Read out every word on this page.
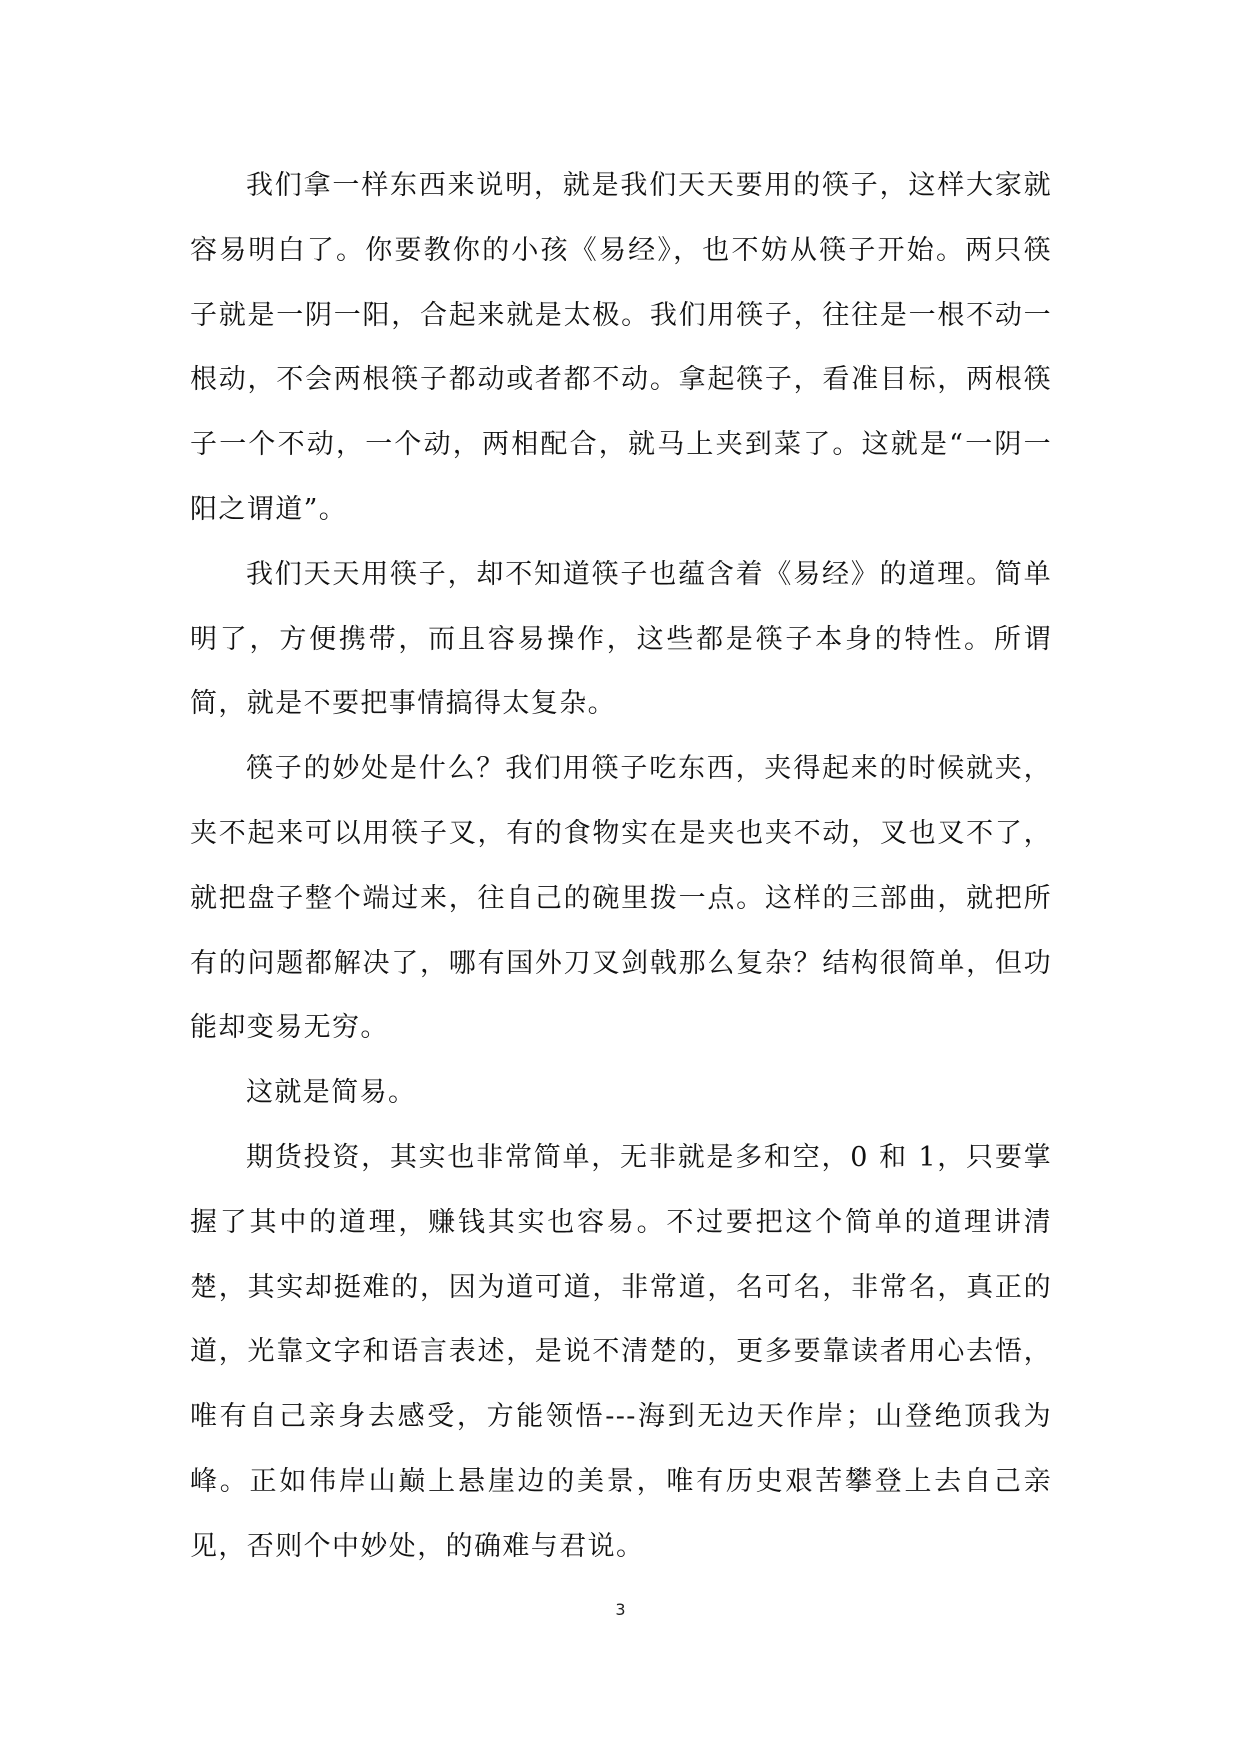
我们拿一样东西来说明，就是我们天天要用的筷子，这样大家就容易明白了。你要教你的小孩《易经》，也不妨从筷子开始。两只筷子就是一阴一阳，合起来就是太极。我们用筷子，往往是一根不动一根动，不会两根筷子都动或者都不动。拿起筷子，看准目标，两根筷子一个不动，一个动，两相配合，就马上夹到菜了。这就是“一阴一阳之谓道”。

我们天天用筷子，却不知道筷子也蕴含着《易经》的道理。简单明了，方便携带，而且容易操作，这些都是筷子本身的特性。所谓简，就是不要把事情搞得太复杂。

筷子的妙处是什么？我们用筷子吃东西，夹得起来的时候就夹，夹不起来可以用筷子叉，有的食物实在是夹也夹不动，叉也叉不了，就把盘子整个端过来，往自己的碗里拨一点。这样的三部曲，就把所有的问题都解决了，哪有国外刀叉剑戟那么复杂？结构很简单，但功能却变易无穷。

这就是简易。

期货投资，其实也非常简单，无非就是多和空，0 和 1，只要掌握了其中的道理，赚钱其实也容易。不过要把这个简单的道理讲清楚，其实却挺难的，因为道可道，非常道，名可名，非常名，真正的道，光靠文字和语言表述，是说不清楚的，更多要靠读者用心去悟，唯有自己亲身去感受，方能领悟---海到无边天作岸；山登绝顶我为峰。正如伟岸山巅上悬崖边的美景，唯有历史艰苦攀登上去自己亲见，否则个中妙处，的确难与君说。

3
